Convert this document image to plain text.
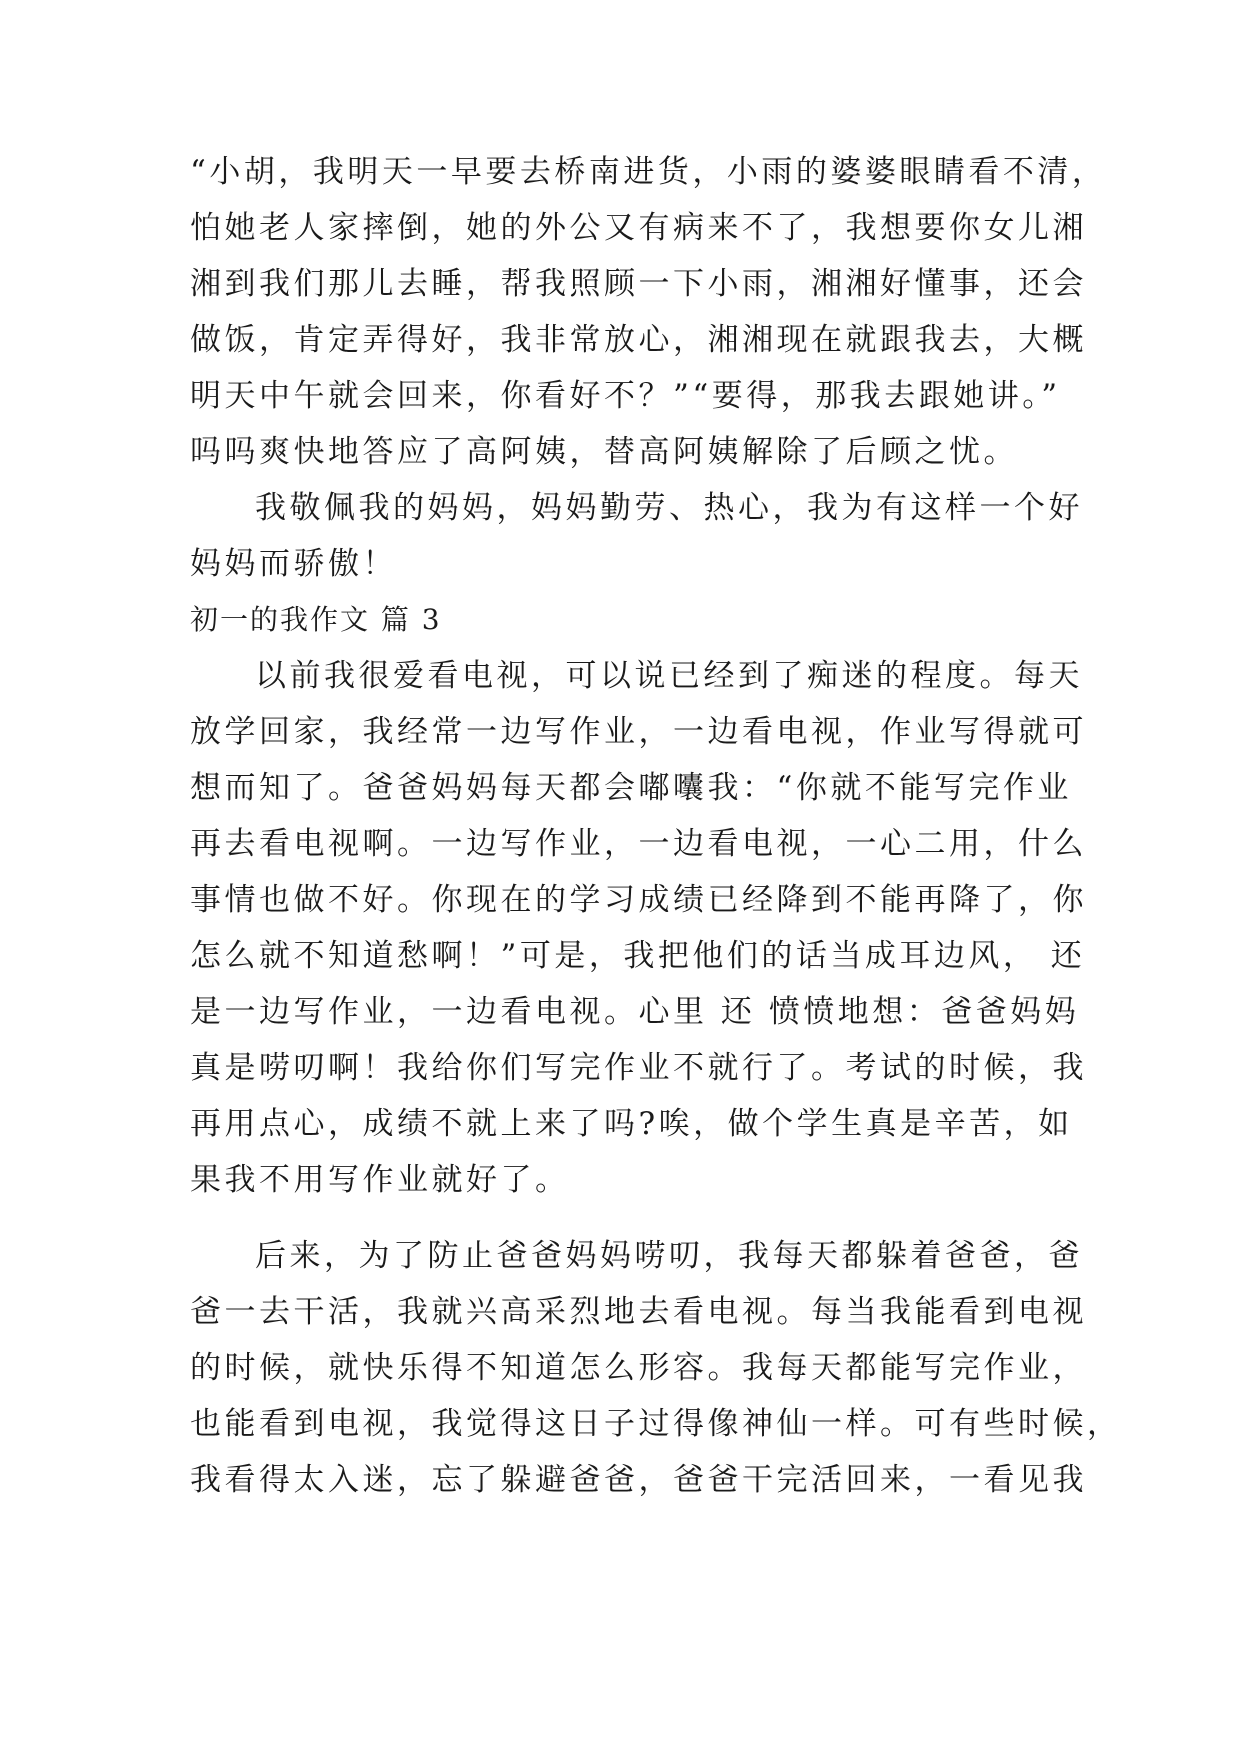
“小胡，我明天一早要去桥南进货，小雨的婆婆眼睛看不清，
怕她老人家摔倒，她的外公又有病来不了，我想要你女儿湘
湘到我们那儿去睡，帮我照顾一下小雨，湘湘好懂事，还会
做饭，肯定弄得好，我非常放心，湘湘现在就跟我去，大概
明天中午就会回来，你看好不？”“要得，那我去跟她讲。”
吗吗爽快地答应了高阿姨，替高阿姨解除了后顾之忧。
我敬佩我的妈妈，妈妈勤劳、热心，我为有这样一个好
妈妈而骄傲！
初一的我作文 篇 3
以前我很爱看电视，可以说已经到了痴迷的程度。每天
放学回家，我经常一边写作业，一边看电视，作业写得就可
想而知了。爸爸妈妈每天都会嘟囔我：“你就不能写完作业
再去看电视啊。一边写作业，一边看电视，一心二用，什么
事情也做不好。你现在的学习成绩已经降到不能再降了，你
怎么就不知道愁啊！”可是，我把他们的话当成耳边风， 还
是一边写作业，一边看电视。心里 还 愤愤地想：爸爸妈妈
真是唠叨啊！我给你们写完作业不就行了。考试的时候，我
再用点心，成绩不就上来了吗?唉，做个学生真是辛苦，如
果我不用写作业就好了。
后来，为了防止爸爸妈妈唠叨，我每天都躲着爸爸，爸
爸一去干活，我就兴高采烈地去看电视。每当我能看到电视
的时候，就快乐得不知道怎么形容。我每天都能写完作业，
也能看到电视，我觉得这日子过得像神仙一样。可有些时候，
我看得太入迷，忘了躲避爸爸，爸爸干完活回来，一看见我
